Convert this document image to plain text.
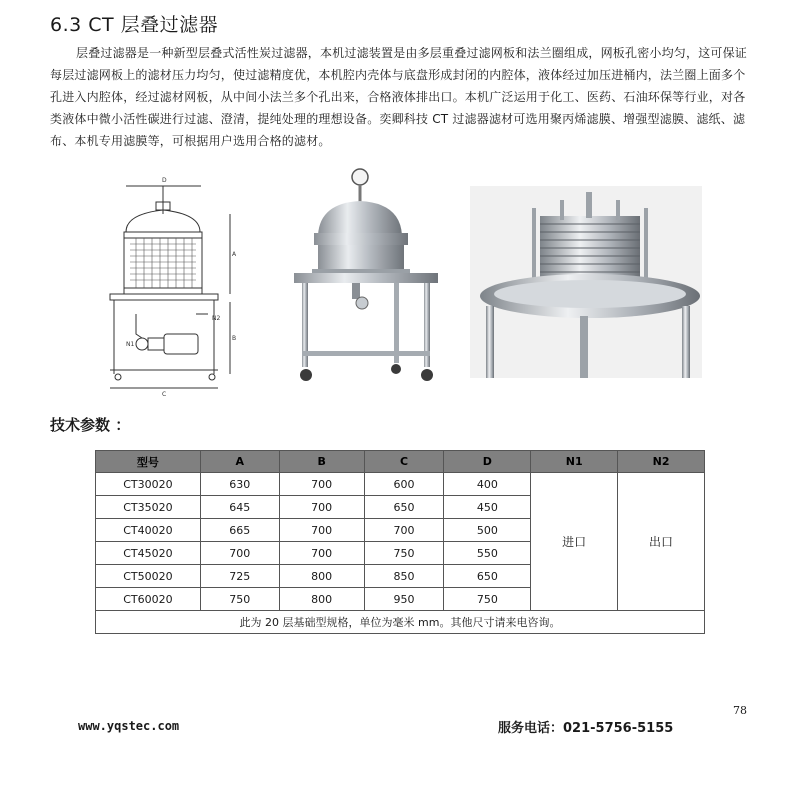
6.3 CT 层叠过滤器
层叠过滤器是一种新型层叠式活性炭过滤器，本机过滤装置是由多层重叠过滤网板和法兰圈组成，网板孔密小均匀，这可保证每层过滤网板上的滤材压力均匀，使过滤精度优，本机腔内壳体与底盘形成封闭的内腔体，液体经过加压进桶内，法兰圈上面多个孔进入内腔体，经过滤材网板，从中间小法兰多个孔出来，合格液体排出口。本机广泛运用于化工、医药、石油环保等行业，对各类液体中微小活性碳进行过滤、澄清，提纯处理的理想设备。奕卿科技 CT 过滤器滤材可选用聚丙烯滤膜、增强型滤膜、滤纸、滤布、本机专用滤膜等，可根据用户选用合格的滤材。
D
A
B
C
N1
N2
技术参数 ：
型号	A	B	C	D	N1	N2
CT30020	630	700	600	400	进口	出口
CT35020	645	700	650	450		
CT40020	665	700	700	500		
CT45020	700	700	750	550		
CT50020	725	800	850	650		
CT60020	750	800	950	750		
此为 20 层基础型规格，单位为毫米 mm。其他尺寸请来电咨询。						
78
www.yqstec.com	服务电话：021-5756-5155
